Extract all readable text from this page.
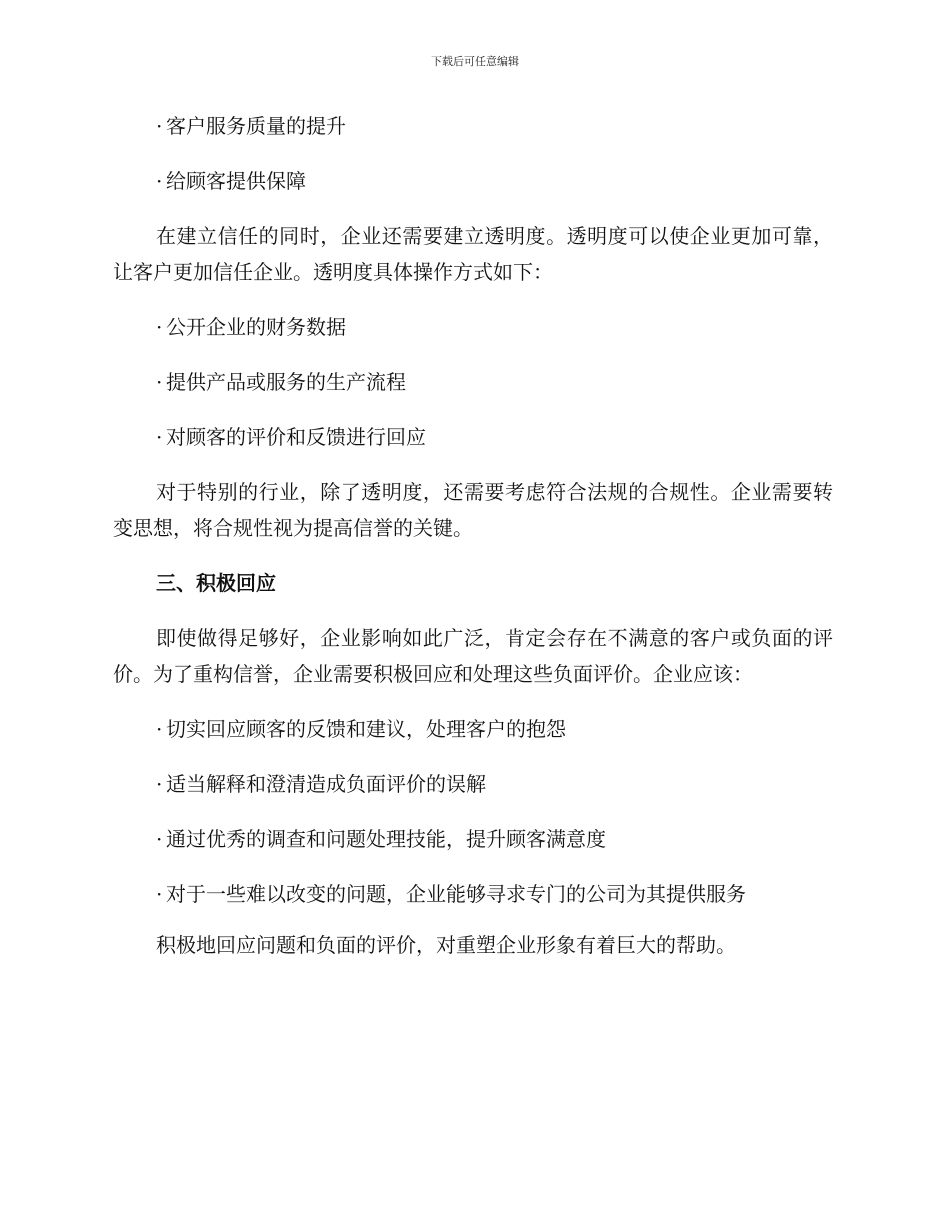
下载后可任意编辑

· 客户服务质量的提升

· 给顾客提供保障

在建立信任的同时，企业还需要建立透明度。透明度可以使企业更加可靠，让客户更加信任企业。透明度具体操作方式如下：

· 公开企业的财务数据

· 提供产品或服务的生产流程

· 对顾客的评价和反馈进行回应

对于特别的行业，除了透明度，还需要考虑符合法规的合规性。企业需要转变思想，将合规性视为提高信誉的关键。

三、积极回应

即使做得足够好，企业影响如此广泛，肯定会存在不满意的客户或负面的评价。为了重构信誉，企业需要积极回应和处理这些负面评价。企业应该：

· 切实回应顾客的反馈和建议，处理客户的抱怨

· 适当解释和澄清造成负面评价的误解

· 通过优秀的调查和问题处理技能，提升顾客满意度

· 对于一些难以改变的问题，企业能够寻求专门的公司为其提供服务

积极地回应问题和负面的评价，对重塑企业形象有着巨大的帮助。
